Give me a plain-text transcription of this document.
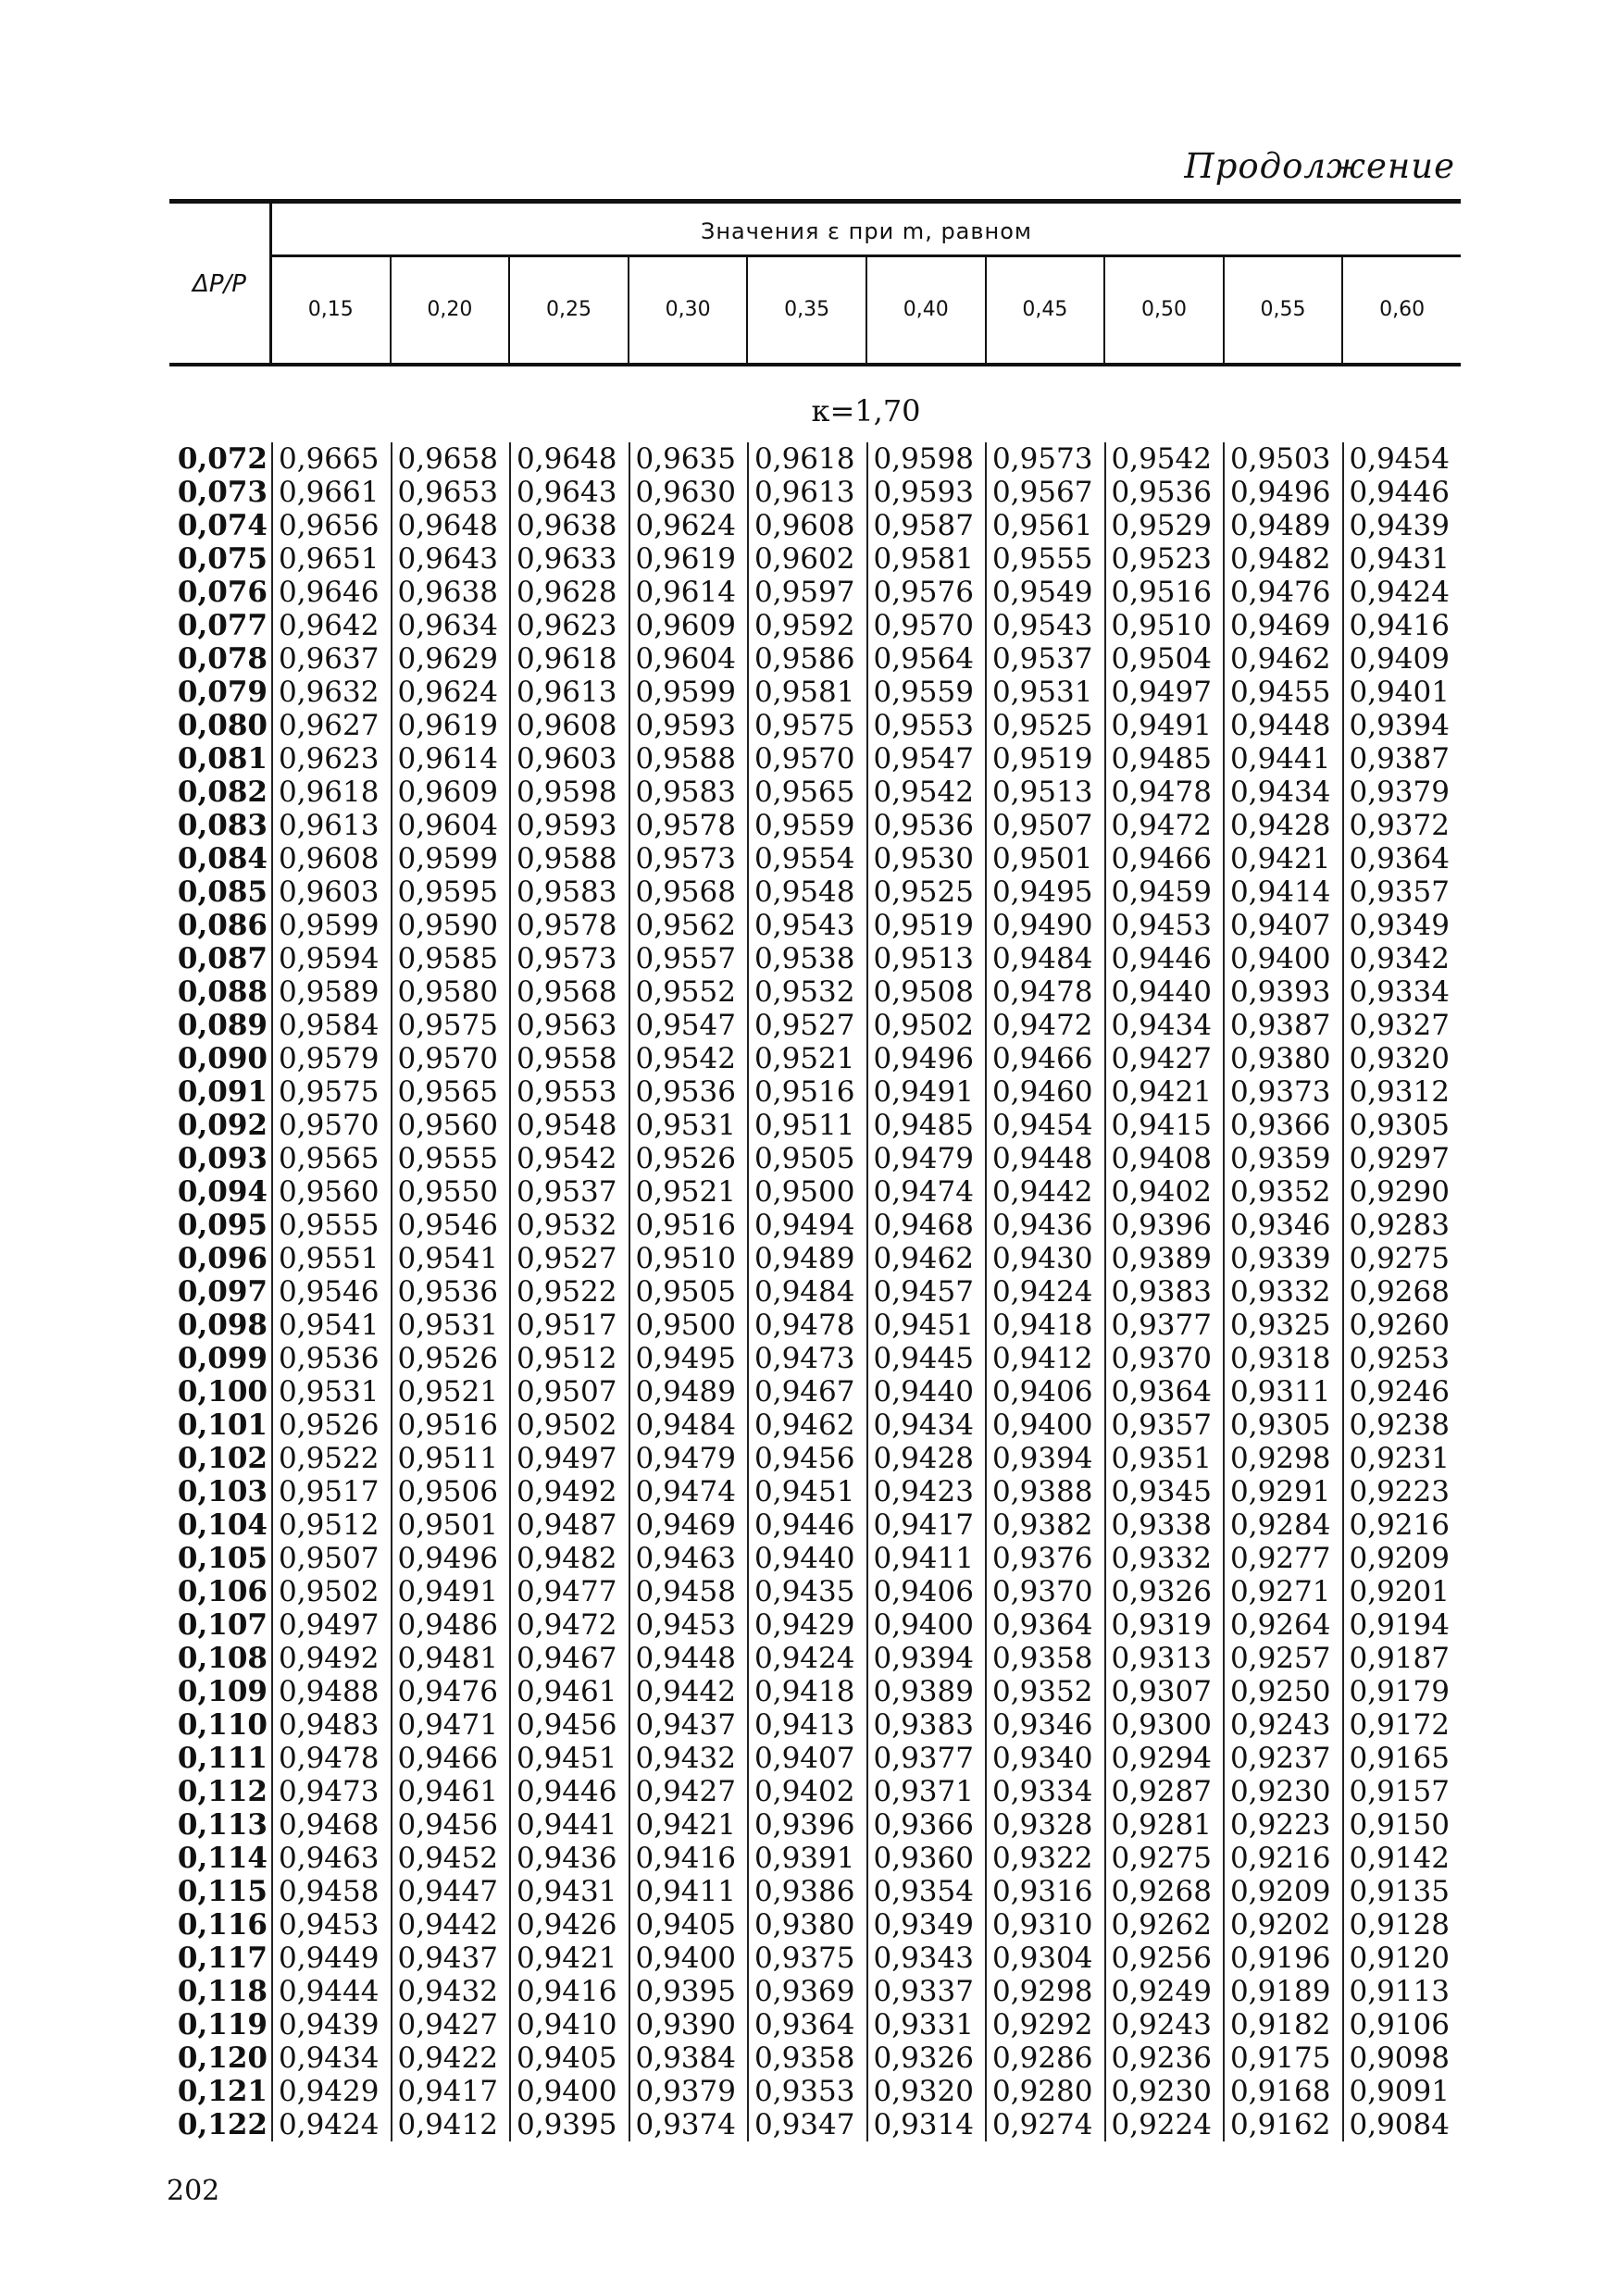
Продолжение
ΔP/P
Значения ε при m, равном
0,15	0,20	0,25	0,30	0,35	0,40	0,45	0,50	0,55	0,60
κ=1,70
0,072 0,9665 0,9658 0,9648 0,9635 0,9618 0,9598 0,9573 0,9542 0,9503 0,9454
0,073 0,9661 0,9653 0,9643 0,9630 0,9613 0,9593 0,9567 0,9536 0,9496 0,9446
0,074 0,9656 0,9648 0,9638 0,9624 0,9608 0,9587 0,9561 0,9529 0,9489 0,9439
0,075 0,9651 0,9643 0,9633 0,9619 0,9602 0,9581 0,9555 0,9523 0,9482 0,9431
0,076 0,9646 0,9638 0,9628 0,9614 0,9597 0,9576 0,9549 0,9516 0,9476 0,9424
0,077 0,9642 0,9634 0,9623 0,9609 0,9592 0,9570 0,9543 0,9510 0,9469 0,9416
0,078 0,9637 0,9629 0,9618 0,9604 0,9586 0,9564 0,9537 0,9504 0,9462 0,9409
0,079 0,9632 0,9624 0,9613 0,9599 0,9581 0,9559 0,9531 0,9497 0,9455 0,9401
0,080 0,9627 0,9619 0,9608 0,9593 0,9575 0,9553 0,9525 0,9491 0,9448 0,9394
0,081 0,9623 0,9614 0,9603 0,9588 0,9570 0,9547 0,9519 0,9485 0,9441 0,9387
0,082 0,9618 0,9609 0,9598 0,9583 0,9565 0,9542 0,9513 0,9478 0,9434 0,9379
0,083 0,9613 0,9604 0,9593 0,9578 0,9559 0,9536 0,9507 0,9472 0,9428 0,9372
0,084 0,9608 0,9599 0,9588 0,9573 0,9554 0,9530 0,9501 0,9466 0,9421 0,9364
0,085 0,9603 0,9595 0,9583 0,9568 0,9548 0,9525 0,9495 0,9459 0,9414 0,9357
0,086 0,9599 0,9590 0,9578 0,9562 0,9543 0,9519 0,9490 0,9453 0,9407 0,9349
0,087 0,9594 0,9585 0,9573 0,9557 0,9538 0,9513 0,9484 0,9446 0,9400 0,9342
0,088 0,9589 0,9580 0,9568 0,9552 0,9532 0,9508 0,9478 0,9440 0,9393 0,9334
0,089 0,9584 0,9575 0,9563 0,9547 0,9527 0,9502 0,9472 0,9434 0,9387 0,9327
0,090 0,9579 0,9570 0,9558 0,9542 0,9521 0,9496 0,9466 0,9427 0,9380 0,9320
0,091 0,9575 0,9565 0,9553 0,9536 0,9516 0,9491 0,9460 0,9421 0,9373 0,9312
0,092 0,9570 0,9560 0,9548 0,9531 0,9511 0,9485 0,9454 0,9415 0,9366 0,9305
0,093 0,9565 0,9555 0,9542 0,9526 0,9505 0,9479 0,9448 0,9408 0,9359 0,9297
0,094 0,9560 0,9550 0,9537 0,9521 0,9500 0,9474 0,9442 0,9402 0,9352 0,9290
0,095 0,9555 0,9546 0,9532 0,9516 0,9494 0,9468 0,9436 0,9396 0,9346 0,9283
0,096 0,9551 0,9541 0,9527 0,9510 0,9489 0,9462 0,9430 0,9389 0,9339 0,9275
0,097 0,9546 0,9536 0,9522 0,9505 0,9484 0,9457 0,9424 0,9383 0,9332 0,9268
0,098 0,9541 0,9531 0,9517 0,9500 0,9478 0,9451 0,9418 0,9377 0,9325 0,9260
0,099 0,9536 0,9526 0,9512 0,9495 0,9473 0,9445 0,9412 0,9370 0,9318 0,9253
0,100 0,9531 0,9521 0,9507 0,9489 0,9467 0,9440 0,9406 0,9364 0,9311 0,9246
0,101 0,9526 0,9516 0,9502 0,9484 0,9462 0,9434 0,9400 0,9357 0,9305 0,9238
0,102 0,9522 0,9511 0,9497 0,9479 0,9456 0,9428 0,9394 0,9351 0,9298 0,9231
0,103 0,9517 0,9506 0,9492 0,9474 0,9451 0,9423 0,9388 0,9345 0,9291 0,9223
0,104 0,9512 0,9501 0,9487 0,9469 0,9446 0,9417 0,9382 0,9338 0,9284 0,9216
0,105 0,9507 0,9496 0,9482 0,9463 0,9440 0,9411 0,9376 0,9332 0,9277 0,9209
0,106 0,9502 0,9491 0,9477 0,9458 0,9435 0,9406 0,9370 0,9326 0,9271 0,9201
0,107 0,9497 0,9486 0,9472 0,9453 0,9429 0,9400 0,9364 0,9319 0,9264 0,9194
0,108 0,9492 0,9481 0,9467 0,9448 0,9424 0,9394 0,9358 0,9313 0,9257 0,9187
0,109 0,9488 0,9476 0,9461 0,9442 0,9418 0,9389 0,9352 0,9307 0,9250 0,9179
0,110 0,9483 0,9471 0,9456 0,9437 0,9413 0,9383 0,9346 0,9300 0,9243 0,9172
0,111 0,9478 0,9466 0,9451 0,9432 0,9407 0,9377 0,9340 0,9294 0,9237 0,9165
0,112 0,9473 0,9461 0,9446 0,9427 0,9402 0,9371 0,9334 0,9287 0,9230 0,9157
0,113 0,9468 0,9456 0,9441 0,9421 0,9396 0,9366 0,9328 0,9281 0,9223 0,9150
0,114 0,9463 0,9452 0,9436 0,9416 0,9391 0,9360 0,9322 0,9275 0,9216 0,9142
0,115 0,9458 0,9447 0,9431 0,9411 0,9386 0,9354 0,9316 0,9268 0,9209 0,9135
0,116 0,9453 0,9442 0,9426 0,9405 0,9380 0,9349 0,9310 0,9262 0,9202 0,9128
0,117 0,9449 0,9437 0,9421 0,9400 0,9375 0,9343 0,9304 0,9256 0,9196 0,9120
0,118 0,9444 0,9432 0,9416 0,9395 0,9369 0,9337 0,9298 0,9249 0,9189 0,9113
0,119 0,9439 0,9427 0,9410 0,9390 0,9364 0,9331 0,9292 0,9243 0,9182 0,9106
0,120 0,9434 0,9422 0,9405 0,9384 0,9358 0,9326 0,9286 0,9236 0,9175 0,9098
0,121 0,9429 0,9417 0,9400 0,9379 0,9353 0,9320 0,9280 0,9230 0,9168 0,9091
0,122 0,9424 0,9412 0,9395 0,9374 0,9347 0,9314 0,9274 0,9224 0,9162 0,9084
202
